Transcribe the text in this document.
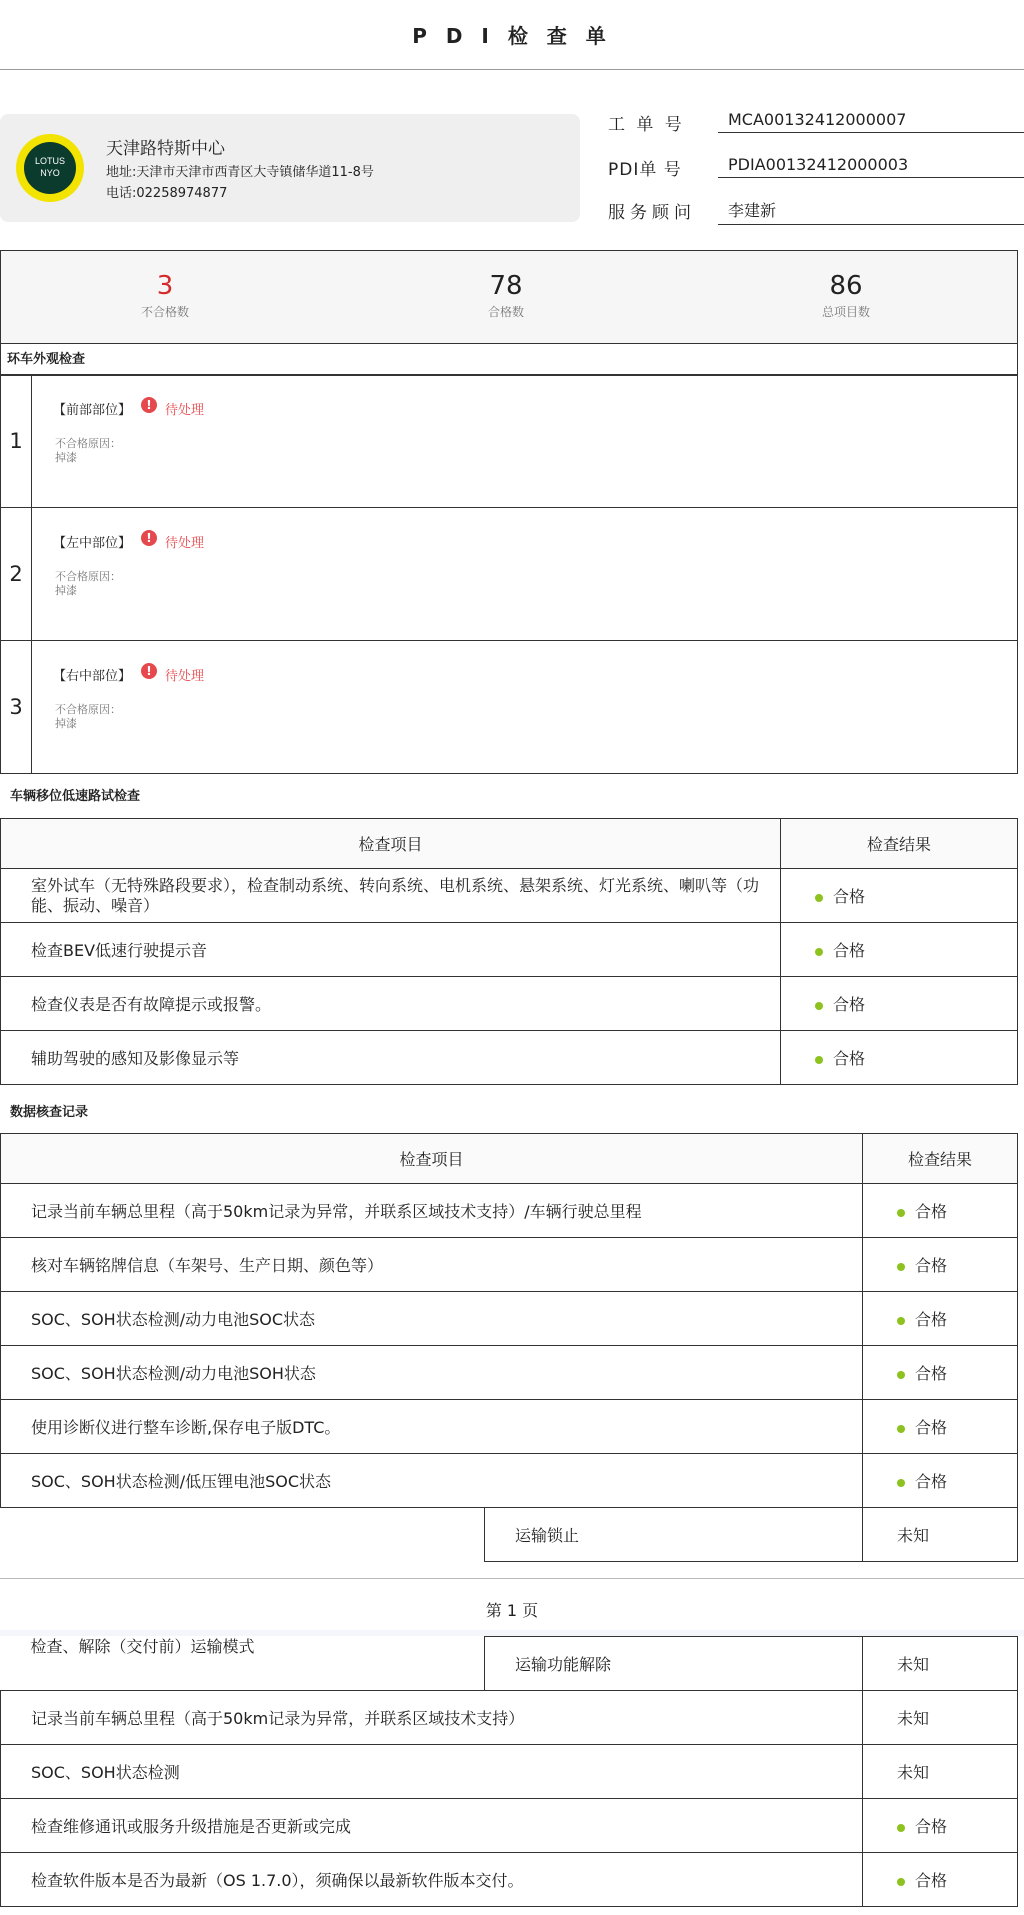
P D I 检 查 单
LOTUS
NYO
天津路特斯中心
地址:天津市天津市西青区大寺镇储华道11-8号
电话:02258974877
工 单 号	MCA00132412000007
PDI单 号	PDIA00132412000003
服务顾问	李建新
3
不合格数
78
合格数
86
总项目数
环车外观检查
1
【前部部位】	!	待处理
不合格原因：
掉漆
2
【左中部位】	!	待处理
不合格原因：
掉漆
3
【右中部位】	!	待处理
不合格原因：
掉漆
车辆移位低速路试检查
检查项目	检查结果
室外试车（无特殊路段要求），检查制动系统、转向系统、电机系统、悬架系统、灯光系统、喇叭等（功能、振动、噪音）	合格
检查BEV低速行驶提示音	合格
检查仪表是否有故障提示或报警。	合格
辅助驾驶的感知及影像显示等	合格
数据核查记录
检查项目		检查结果
记录当前车辆总里程（高于50km记录为异常，并联系区域技术支持）/车辆行驶总里程		合格
核对车辆铭牌信息（车架号、生产日期、颜色等）		合格
SOC、SOH状态检测/动力电池SOC状态		合格
SOC、SOH状态检测/动力电池SOH状态		合格
使用诊断仪进行整车诊断,保存电子版DTC。		合格
SOC、SOH状态检测/低压锂电池SOC状态		合格
	运输锁止	未知
第 1 页
检查、解除（交付前）运输模式	运输功能解除	未知
记录当前车辆总里程（高于50km记录为异常，并联系区域技术支持）		未知
SOC、SOH状态检测		未知
检查维修通讯或服务升级措施是否更新或完成		合格
检查软件版本是否为最新（OS 1.7.0），须确保以最新软件版本交付。		合格
